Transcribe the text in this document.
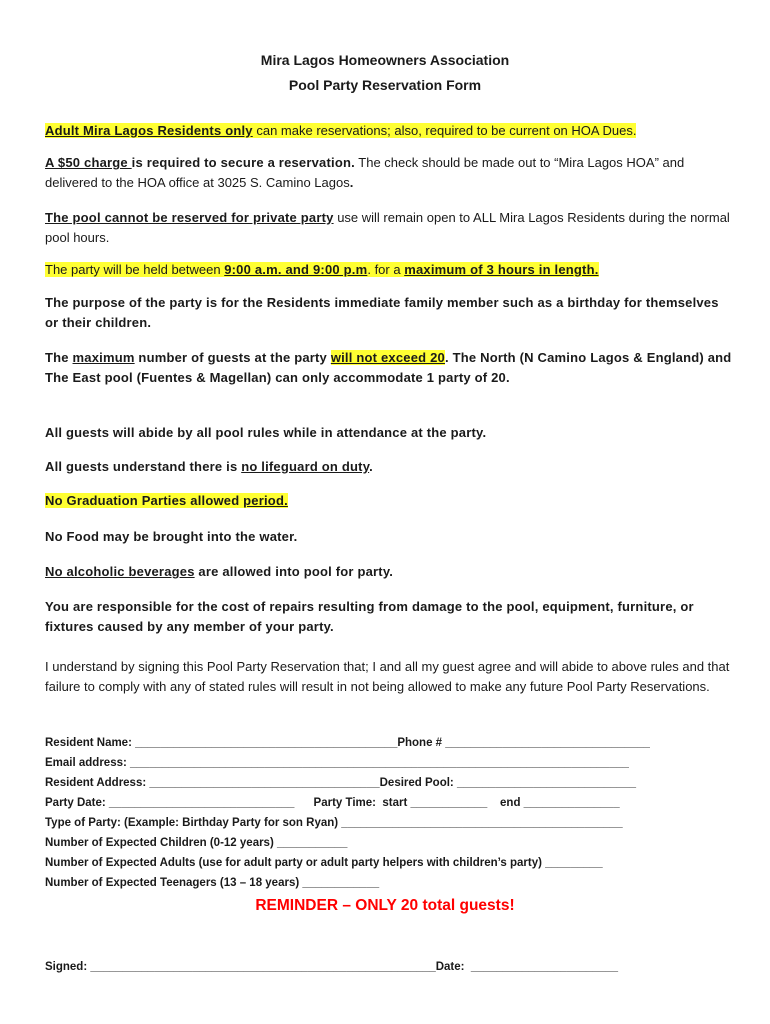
Mira Lagos Homeowners Association
Pool Party Reservation Form
Adult Mira Lagos Residents only can make reservations; also, required to be current on HOA Dues.
A $50 charge is required to secure a reservation. The check should be made out to “Mira Lagos HOA” and delivered to the HOA office at 3025 S. Camino Lagos.
The pool cannot be reserved for private party use will remain open to ALL Mira Lagos Residents during the normal pool hours.
The party will be held between 9:00 a.m. and 9:00 p.m. for a maximum of 3 hours in length.
The purpose of the party is for the Residents immediate family member such as a birthday for themselves or their children.
The maximum number of guests at the party will not exceed 20. The North (N Camino Lagos & England) and The East pool (Fuentes & Magellan) can only accommodate 1 party of 20.
All guests will abide by all pool rules while in attendance at the party.
All guests understand there is no lifeguard on duty.
No Graduation Parties allowed period.
No Food may be brought into the water.
No alcoholic beverages are allowed into pool for party.
You are responsible for the cost of repairs resulting from damage to the pool, equipment, furniture, or fixtures caused by any member of your party.
I understand by signing this Pool Party Reservation that; I and all my guest agree and will abide to above rules and that failure to comply with any of stated rules will result in not being allowed to make any future Pool Party Reservations.
Resident Name: _________________________________________Phone # ________________________________
Email address: ______________________________________________________________________________
Resident Address: ____________________________________Desired Pool: ____________________________
Party Date: _____________________________      Party Time:  start ____________    end _______________
Type of Party: (Example: Birthday Party for son Ryan) ____________________________________________
Number of Expected Children (0-12 years) ___________
Number of Expected Adults (use for adult party or adult party helpers with children’s party) _________
Number of Expected Teenagers (13 – 18 years) ____________
REMINDER – ONLY 20 total guests!
Signed: ______________________________________________________Date:  _______________________
